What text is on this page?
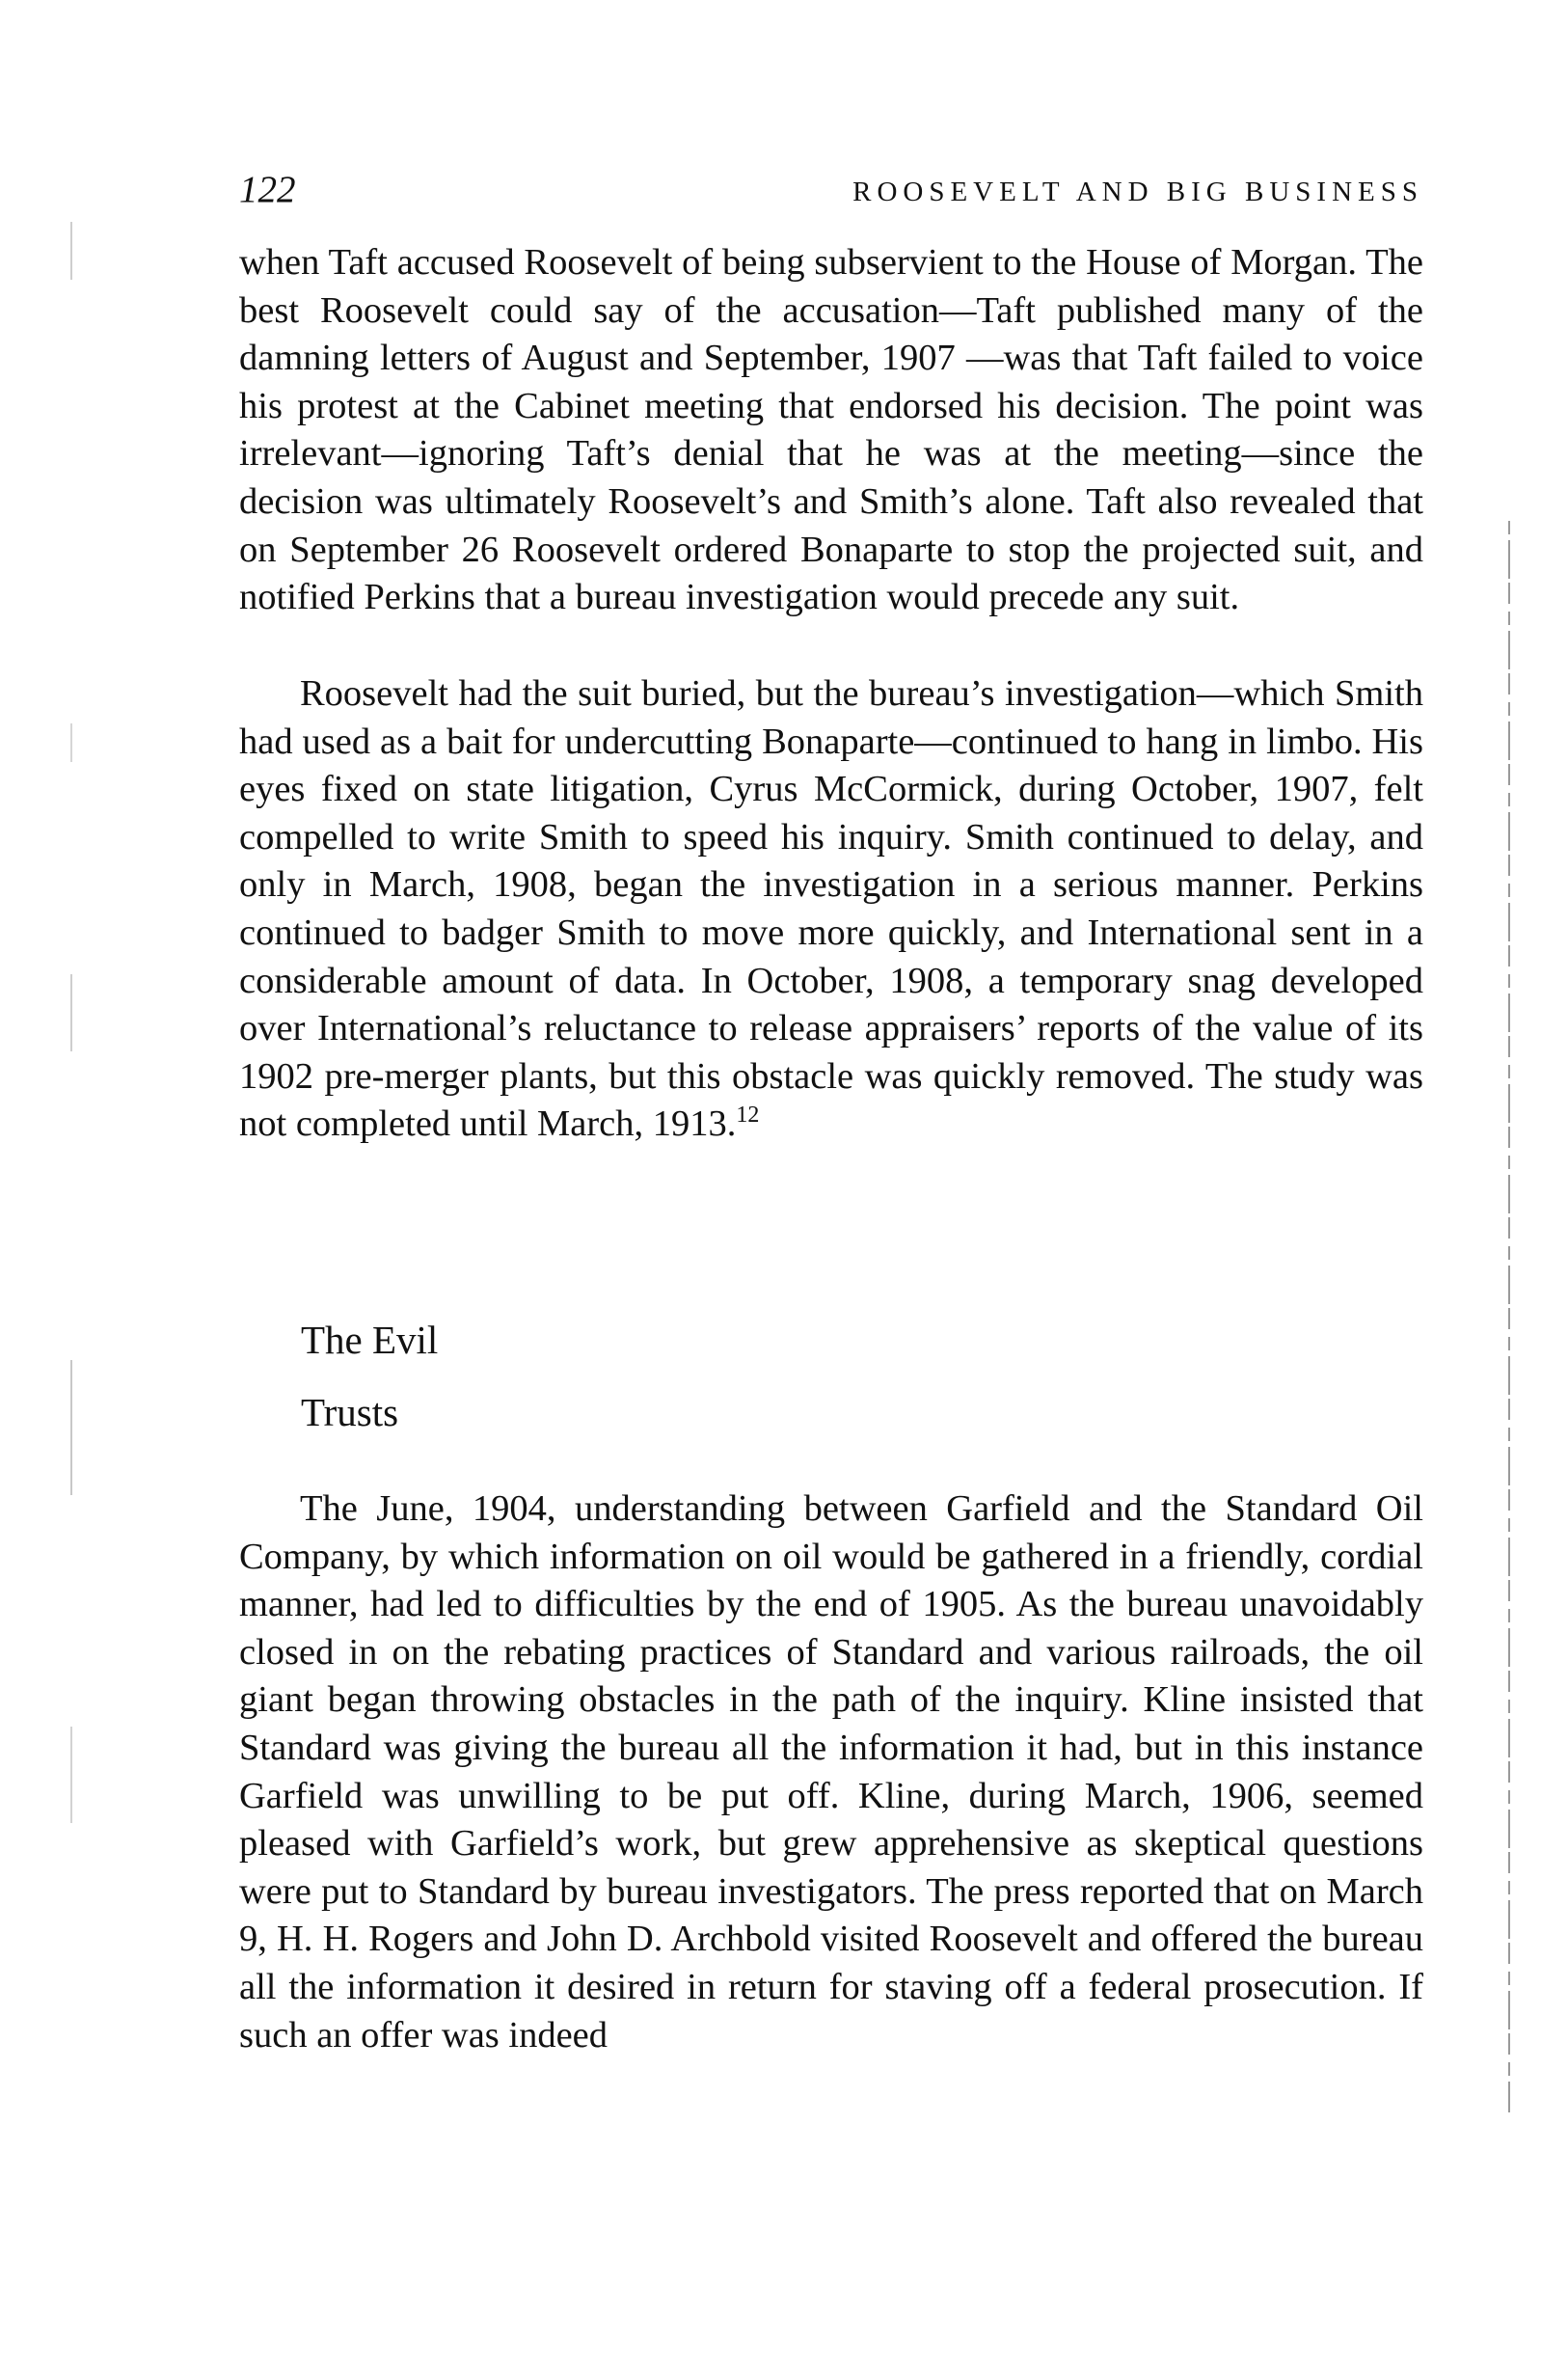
122	ROOSEVELT AND BIG BUSINESS

when Taft accused Roosevelt of being subservient to the House of Morgan. The best Roosevelt could say of the accusation—Taft published many of the damning letters of August and September, 1907 —was that Taft failed to voice his protest at the Cabinet meeting that endorsed his decision. The point was irrelevant—ignoring Taft’s denial that he was at the meeting—since the decision was ultimately Roosevelt’s and Smith’s alone. Taft also revealed that on September 26 Roosevelt ordered Bonaparte to stop the projected suit, and notified Perkins that a bureau investigation would precede any suit.

Roosevelt had the suit buried, but the bureau’s investigation—which Smith had used as a bait for undercutting Bonaparte—continued to hang in limbo. His eyes fixed on state litigation, Cyrus McCormick, during October, 1907, felt compelled to write Smith to speed his inquiry. Smith continued to delay, and only in March, 1908, began the investigation in a serious manner. Perkins continued to badger Smith to move more quickly, and International sent in a considerable amount of data. In October, 1908, a temporary snag developed over International’s reluctance to release appraisers’ reports of the value of its 1902 pre-merger plants, but this obstacle was quickly removed. The study was not completed until March, 1913.12

The Evil
Trusts

The June, 1904, understanding between Garfield and the Standard Oil Company, by which information on oil would be gathered in a friendly, cordial manner, had led to difficulties by the end of 1905. As the bureau unavoidably closed in on the rebating practices of Standard and various railroads, the oil giant began throwing obstacles in the path of the inquiry. Kline insisted that Standard was giving the bureau all the information it had, but in this instance Garfield was unwilling to be put off. Kline, during March, 1906, seemed pleased with Garfield’s work, but grew apprehensive as skeptical questions were put to Standard by bureau investigators. The press reported that on March 9, H. H. Rogers and John D. Archbold visited Roosevelt and offered the bureau all the information it desired in return for staving off a federal prosecution. If such an offer was indeed
